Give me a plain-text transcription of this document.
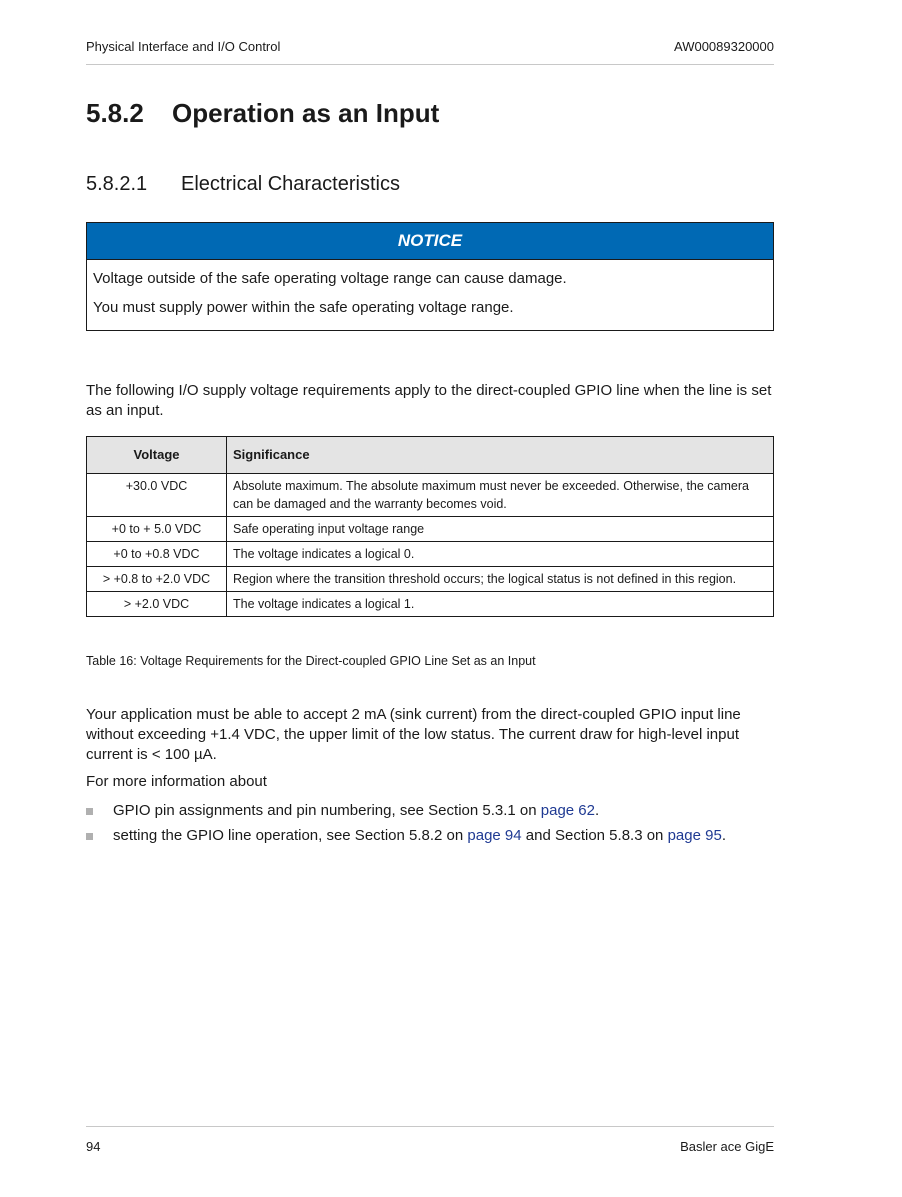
Physical Interface and I/O Control	AW00089320000
5.8.2 Operation as an Input
5.8.2.1 Electrical Characteristics
NOTICE

Voltage outside of the safe operating voltage range can cause damage.

You must supply power within the safe operating voltage range.

The following I/O supply voltage requirements apply to the direct-coupled GPIO line when the line is set as an input.

Voltage	Significance
+30.0 VDC	Absolute maximum. The absolute maximum must never be exceeded. Otherwise, the camera can be damaged and the warranty becomes void.
+0 to + 5.0 VDC	Safe operating input voltage range
+0 to +0.8 VDC	The voltage indicates a logical 0.
> +0.8 to +2.0 VDC	Region where the transition threshold occurs; the logical status is not defined in this region.
> +2.0 VDC	The voltage indicates a logical 1.
Table 16: Voltage Requirements for the Direct-coupled GPIO Line Set as an Input

Your application must be able to accept 2 mA (sink current) from the direct-coupled GPIO input line without exceeding +1.4 VDC, the upper limit of the low status. The current draw for high-level input current is < 100 µA.

For more information about

GPIO pin assignments and pin numbering, see Section 5.3.1 on page 62.
setting the GPIO line operation, see Section 5.8.2 on page 94 and Section 5.8.3 on page 95.
94	Basler ace GigE
